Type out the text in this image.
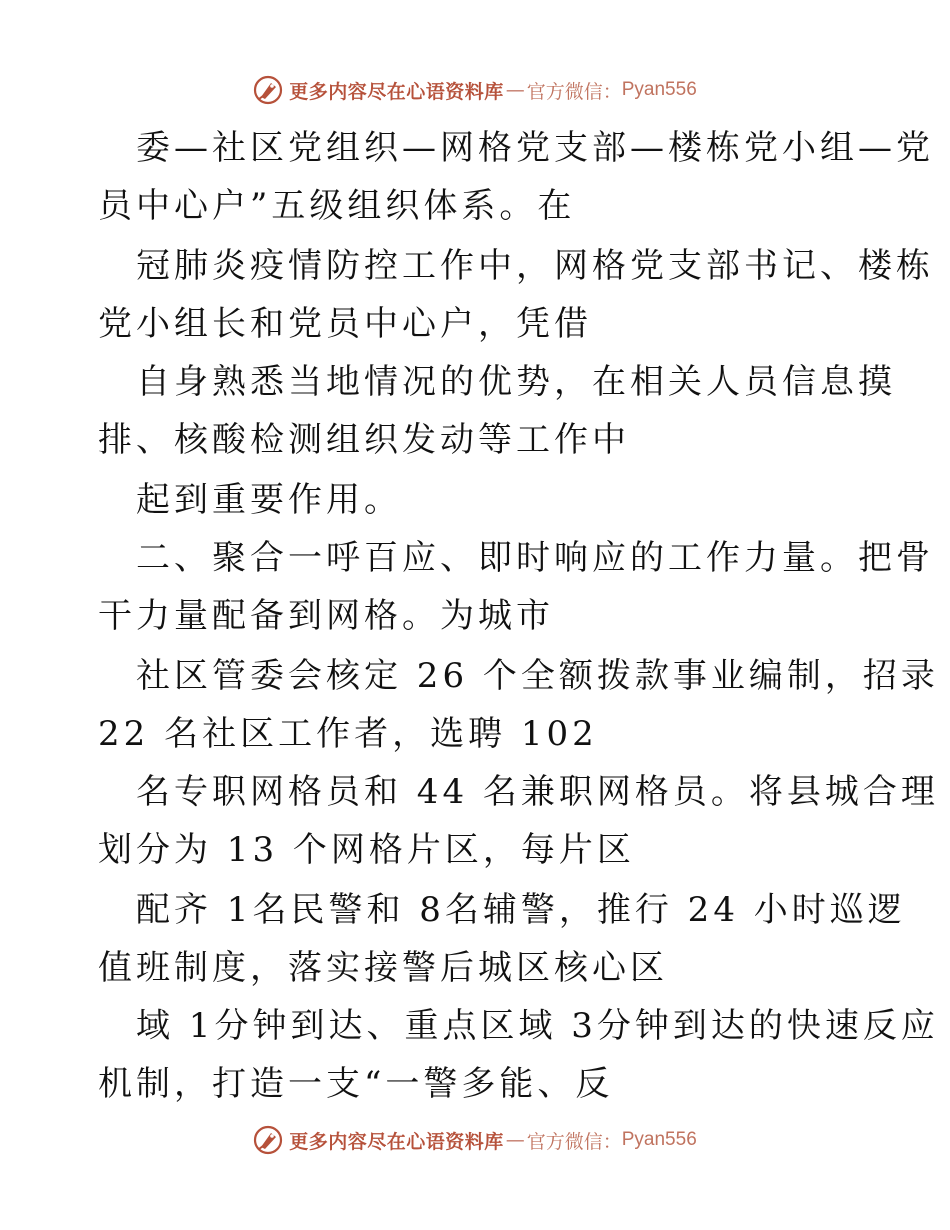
更多内容尽在心语资料库 — 官方微信： Pyan556
委—社区党组织—网格党支部—楼栋党小组—党
员中心户”五级组织体系。在
冠肺炎疫情防控工作中，网格党支部书记、楼栋
党小组长和党员中心户，凭借
自身熟悉当地情况的优势，在相关人员信息摸
排、核酸检测组织发动等工作中
起到重要作用。
二、聚合一呼百应、即时响应的工作力量。把骨
干力量配备到网格。为城市
社区管委会核定 26 个全额拨款事业编制，招录
22 名社区工作者，选聘 102
名专职网格员和 44 名兼职网格员。将县城合理
划分为 13 个网格片区，每片区
配齐 1名民警和 8名辅警，推行 24 小时巡逻
值班制度，落实接警后城区核心区
域 1分钟到达、重点区域 3分钟到达的快速反应
机制，打造一支“一警多能、反
更多内容尽在心语资料库 — 官方微信： Pyan556
